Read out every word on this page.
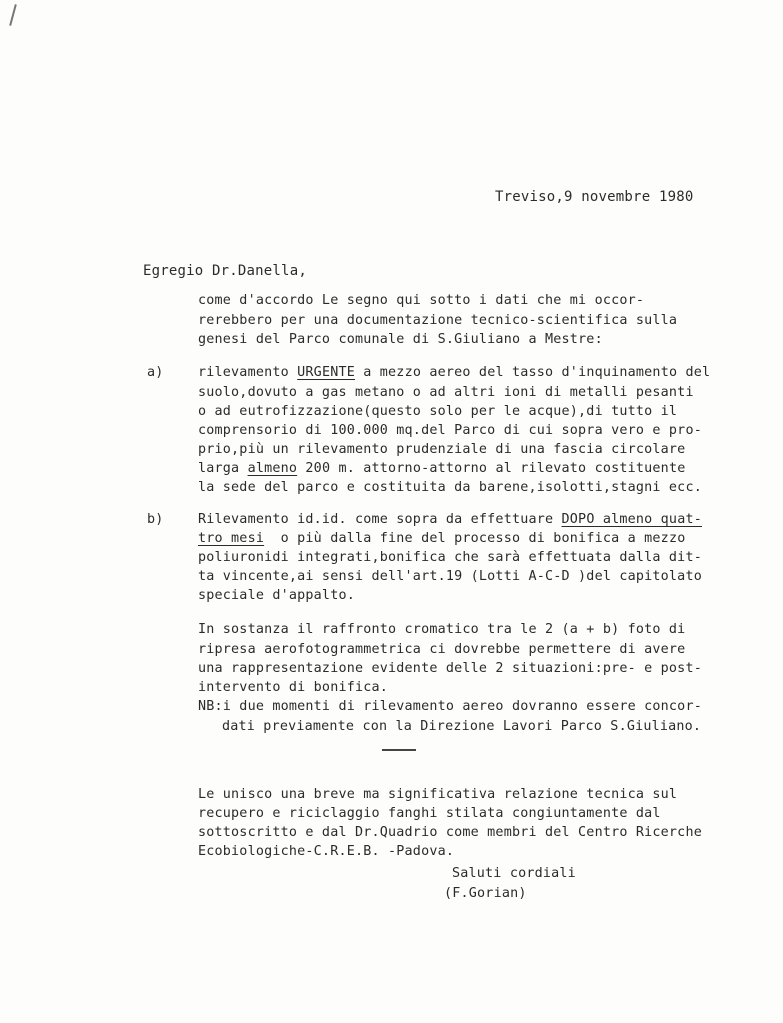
Treviso,9 novembre 1980
Egregio Dr.Danella,
come d'accordo Le segno qui sotto i dati che mi occor-
rerebbero per una documentazione tecnico-scientifica sulla
genesi del Parco comunale di S.Giuliano a Mestre:
a)	rilevamento URGENTE a mezzo aereo del tasso d'inquinamento del
suolo,dovuto a gas metano o ad altri ioni di metalli pesanti
o ad eutrofizzazione(questo solo per le acque),di tutto il
comprensorio di 100.000 mq.del Parco di cui sopra vero e pro-
prio,più un rilevamento prudenziale di una fascia circolare
larga almeno 200 m. attorno-attorno al rilevato costituente
la sede del parco e costituita da barene,isolotti,stagni ecc.
b)	Rilevamento id.id. come sopra da effettuare DOPO almeno quat-
tro mesi  o più dalla fine del processo di bonifica a mezzo
poliuronidi integrati,bonifica che sarà effettuata dalla dit-
ta vincente,ai sensi dell'art.19 (Lotti A-C-D )del capitolato
speciale d'appalto.
In sostanza il raffronto cromatico tra le 2 (a + b) foto di
ripresa aerofotogrammetrica ci dovrebbe permettere di avere
una rappresentazione evidente delle 2 situazioni:pre- e post-
intervento di bonifica.
NB:i due momenti di rilevamento aereo dovranno essere concor-
dati previamente con la Direzione Lavori Parco S.Giuliano.
Le unisco una breve ma significativa relazione tecnica sul
recupero e riciclaggio fanghi stilata congiuntamente dal
sottoscritto e dal Dr.Quadrio come membri del Centro Ricerche
Ecobiologiche-C.R.E.B. -Padova.
Saluti cordiali
(F.Gorian)
